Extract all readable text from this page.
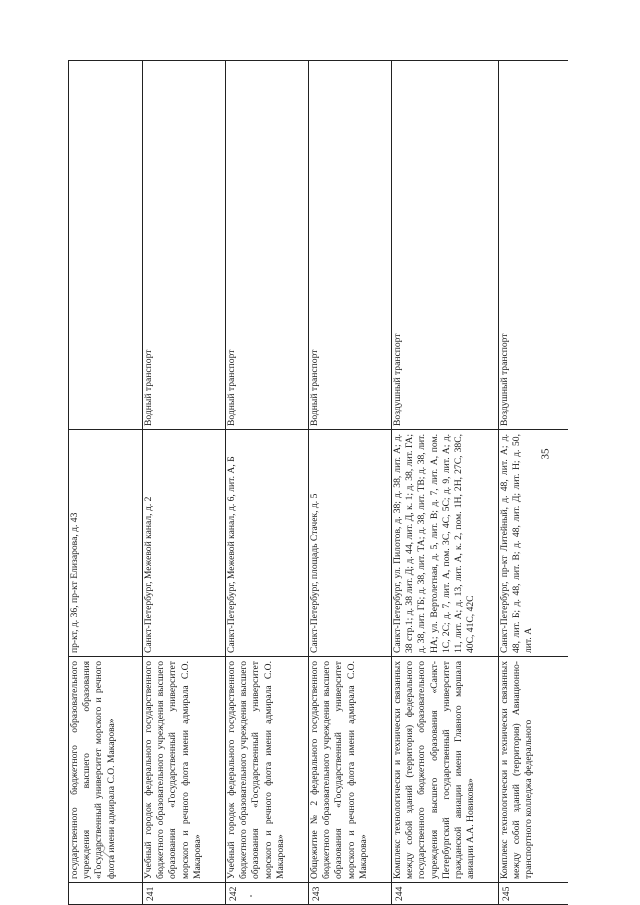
35
государственного бюджетного образовательного учреждения высшего образования «Государственный университет морского и речного флота имени адмирала С.О. Макарова»
пр-кт, д. 36, пр-кт Елизарова, д. 43
241
Учебный городок федерального государственного бюджетного образовательного учреждения высшего образования «Государственный университет морского и речного флота имени адмирала С.О. Макарова»
Санкт-Петербург, Межевой канал, д. 2
Водный транспорт
242
Учебный городок федерального государственного бюджетного образовательного учреждения высшего образования «Государственный университет морского и речного флота имени адмирала С.О. Макарова»
Санкт-Петербург, Межевой канал, д. 6, лит. А, Б
Водный транспорт
243
Общежитие № 2 федерального государственного бюджетного образовательного учреждения высшего образования «Государственный университет морского и речного флота имени адмирала С.О. Макарова»
Санкт-Петербург, площадь Стачек, д. 5
Водный транспорт
244
Комплекс технологически и технически связанных между собой зданий (территория) федерального государственного бюджетного образовательного учреждения высшего образования «Санкт-Петербургский государственный университет гражданской авиации имени Главного маршала авиации А.А. Новикова»
Санкт-Петербург, ул. Пилотов, д. 38; д. 38, лит. А; д. 38 стр.1; д. 38 лит. Д; д. 44, лит. Д, к. 1; д. 38, лит. ГА; д. 38, лит. ГБ; д. 38, лит. ТА; д. 38, лит. ТВ; д. 38, лит. НА; ул. Вертолетная, д. 5, лит. В; д. 7, лит. А, пом. 1С, 2С; д. 7, лит. А, пом. 3С, 4С, 5С; д. 9, лит. А; д. 11, лит. А; д. 13, лит. А, к. 2, пом. 1Н, 2Н, 27С, 38С, 40С, 41С, 42С
Воздушный транспорт
245
Комплекс технологически и технически связанных между собой зданий (территория) Авиационно-транспортного колледжа федерального
Санкт-Петербург, пр-кт Литейный, д. 48, лит. А; д. 48, лит. Б; д. 48, лит. В; д. 48, лит. Д; лит. Н; д. 50, лит. А
Воздушный транспорт
